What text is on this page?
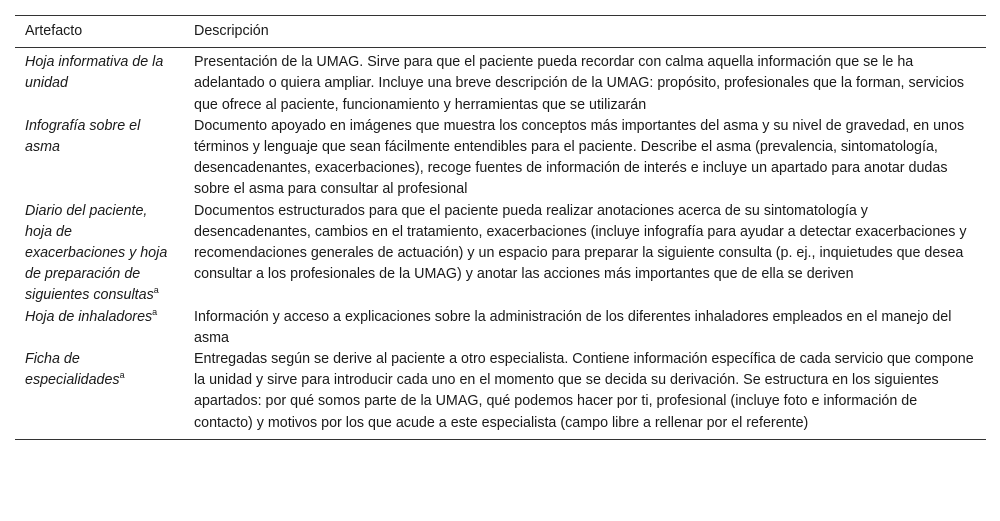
Artefacto	Descripción
Hoja informativa de la unidad	Presentación de la UMAG. Sirve para que el paciente pueda recordar con calma aquella información que se le ha adelantado o quiera ampliar. Incluye una breve descripción de la UMAG: propósito, profesionales que la forman, servicios que ofrece al paciente, funcionamiento y herramientas que se utilizarán
Infografía sobre el asma	Documento apoyado en imágenes que muestra los conceptos más importantes del asma y su nivel de gravedad, en unos términos y lenguaje que sean fácilmente entendibles para el paciente. Describe el asma (prevalencia, sintomatología, desencadenantes, exacerbaciones), recoge fuentes de información de interés e incluye un apartado para anotar dudas sobre el asma para consultar al profesional
Diario del paciente, hoja de exacerbaciones y hoja de preparación de siguientes consultas$^a$	Documentos estructurados para que el paciente pueda realizar anotaciones acerca de su sintomatología y desencadenantes, cambios en el tratamiento, exacerbaciones (incluye infografía para ayudar a detectar exacerbaciones y recomendaciones generales de actuación) y un espacio para preparar la siguiente consulta (p. ej., inquietudes que desea consultar a los profesionales de la UMAG) y anotar las acciones más importantes que de ella se deriven
Hoja de inhaladores$^a$	Información y acceso a explicaciones sobre la administración de los diferentes inhaladores empleados en el manejo del asma
Ficha de especialidades$^a$	Entregadas según se derive al paciente a otro especialista. Contiene información específica de cada servicio que compone la unidad y sirve para introducir cada uno en el momento que se decida su derivación. Se estructura en los siguientes apartados: por qué somos parte de la UMAG, qué podemos hacer por ti, profesional (incluye foto e información de contacto) y motivos por los que acude a este especialista (campo libre a rellenar por el referente)
